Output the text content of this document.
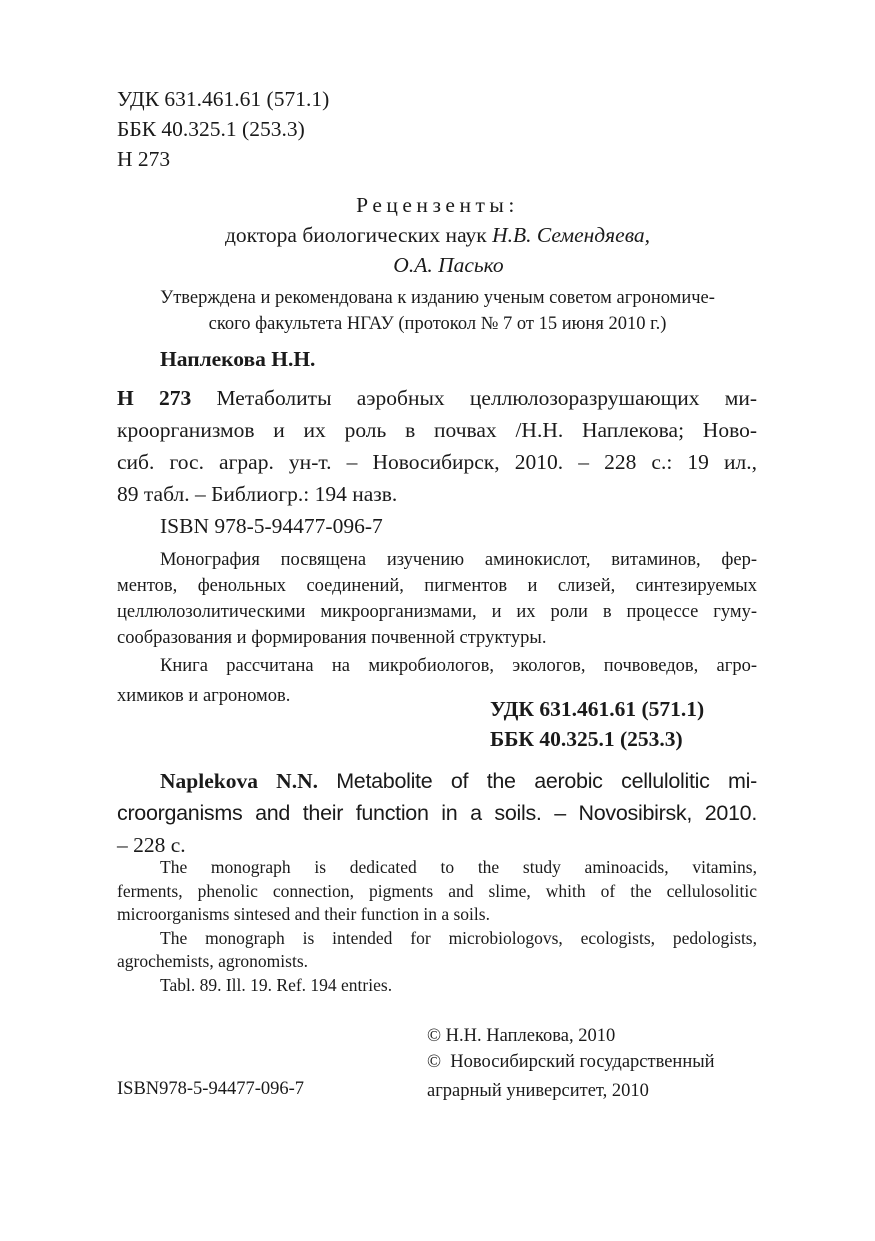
УДК 631.461.61 (571.1)
ББК 40.325.1 (253.3)
Н 273
Рецензенты:
доктора биологических наук Н.В. Семендяева,
О.А. Пасько
Утверждена и рекомендована к изданию ученым советом агрономиче-
ского факультета НГАУ (протокол № 7 от 15 июня 2010 г.)
Наплекова Н.Н.
Н 273 Метаболиты аэробных целлюлозоразрушающих ми-
кроорганизмов и их роль в почвах /Н.Н. Наплекова; Ново-
сиб. гос. аграр. ун-т. – Новосибирск, 2010. – 228 с.: 19 ил.,
89 табл. – Библиогр.: 194 назв.
ISBN 978-5-94477-096-7
Монография посвящена изучению аминокислот, витаминов, фер-
ментов, фенольных соединений, пигментов и слизей, синтезируемых
целлюлозолитическими микроорганизмами, и их роли в процессе гуму-
сообразования и формирования почвенной структуры.
Книга рассчитана на микробиологов, экологов, почвоведов, агро-
химиков и агрономов.
УДК 631.461.61 (571.1)
ББК 40.325.1 (253.3)
Naplekova N.N. Metabolite of the aerobic cellulolitic mi-
croorganisms and their function in a soils. – Novosibirsk, 2010.
– 228 c.
The monograph is dedicated to the study aminoacids, vitamins,
ferments, phenolic connection, pigments and slime, whith of the cellulosolitic
microorganisms sintesed and their function in a soils.
The monograph is intended for microbiologovs, ecologists, pedologists,
agrochemists, agronomists.
Tabl. 89. Ill. 19. Ref. 194 entries.
© Н.Н. Наплекова, 2010
©  Новосибирский государственный
аграрный университет, 2010
ISBN978-5-94477-096-7
